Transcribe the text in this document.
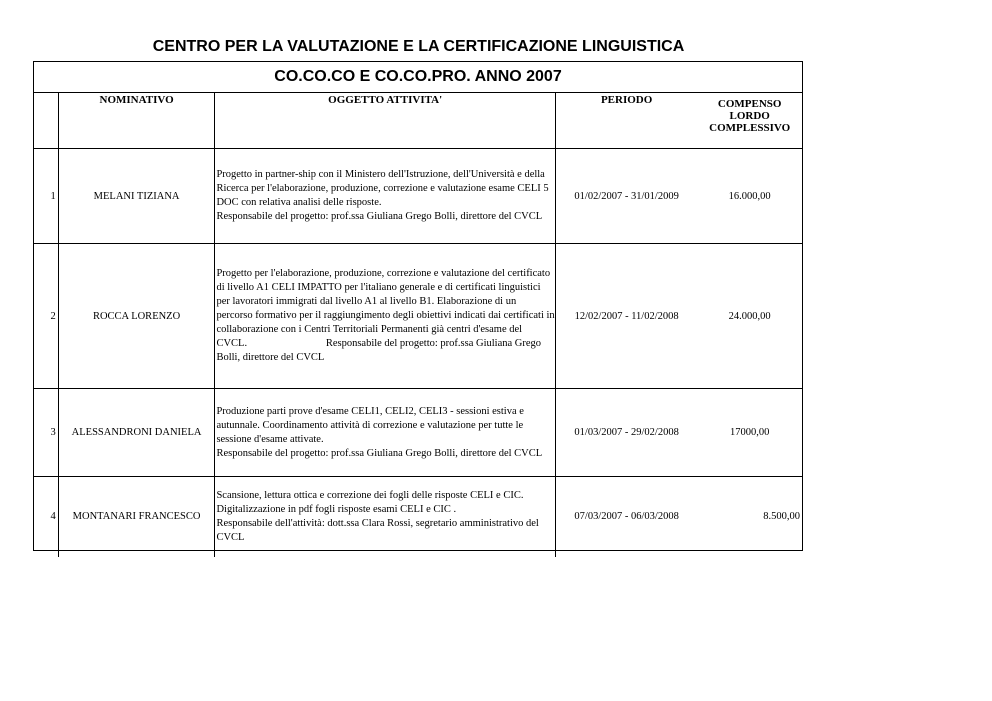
CENTRO PER LA VALUTAZIONE E LA CERTIFICAZIONE LINGUISTICA
CO.CO.CO E CO.CO.PRO. ANNO 2007
	NOMINATIVO	OGGETTO ATTIVITA'	PERIODO	COMPENSO LORDO COMPLESSIVO
1	MELANI TIZIANA	Progetto in partner-ship con il Ministero dell'Istruzione, dell'Università e della Ricerca per l'elaborazione, produzione, correzione e valutazione esame CELI 5 DOC con relativa analisi delle risposte.
Responsabile del progetto: prof.ssa Giuliana Grego Bolli, direttore del CVCL	01/02/2007 - 31/01/2009	16.000,00
2	ROCCA LORENZO	Progetto per l'elaborazione, produzione, correzione e valutazione del certificato di livello A1 CELI IMPATTO per l'italiano generale e di certificati linguistici per lavoratori immigrati dal livello A1 al livello B1. Elaborazione di un percorso formativo per il raggiungimento degli obiettivi indicati dai certificati in collaborazione con i Centri Territoriali Permanenti già centri d'esame del CVCL.                              Responsabile del progetto: prof.ssa Giuliana Grego Bolli, direttore del CVCL	12/02/2007 - 11/02/2008	24.000,00
3	ALESSANDRONI DANIELA	Produzione parti prove d'esame CELI1, CELI2, CELI3 - sessioni estiva e autunnale. Coordinamento attività di correzione e valutazione per tutte le sessione d'esame attivate.
Responsabile del progetto: prof.ssa Giuliana Grego Bolli, direttore del CVCL	01/03/2007 - 29/02/2008	17000,00
4	MONTANARI FRANCESCO	Scansione, lettura ottica e correzione dei fogli delle risposte CELI e CIC. Digitalizzazione in pdf fogli risposte esami CELI e CIC .
Responsabile dell'attività: dott.ssa Clara Rossi, segretario amministrativo del CVCL	07/03/2007 - 06/03/2008	8.500,00
